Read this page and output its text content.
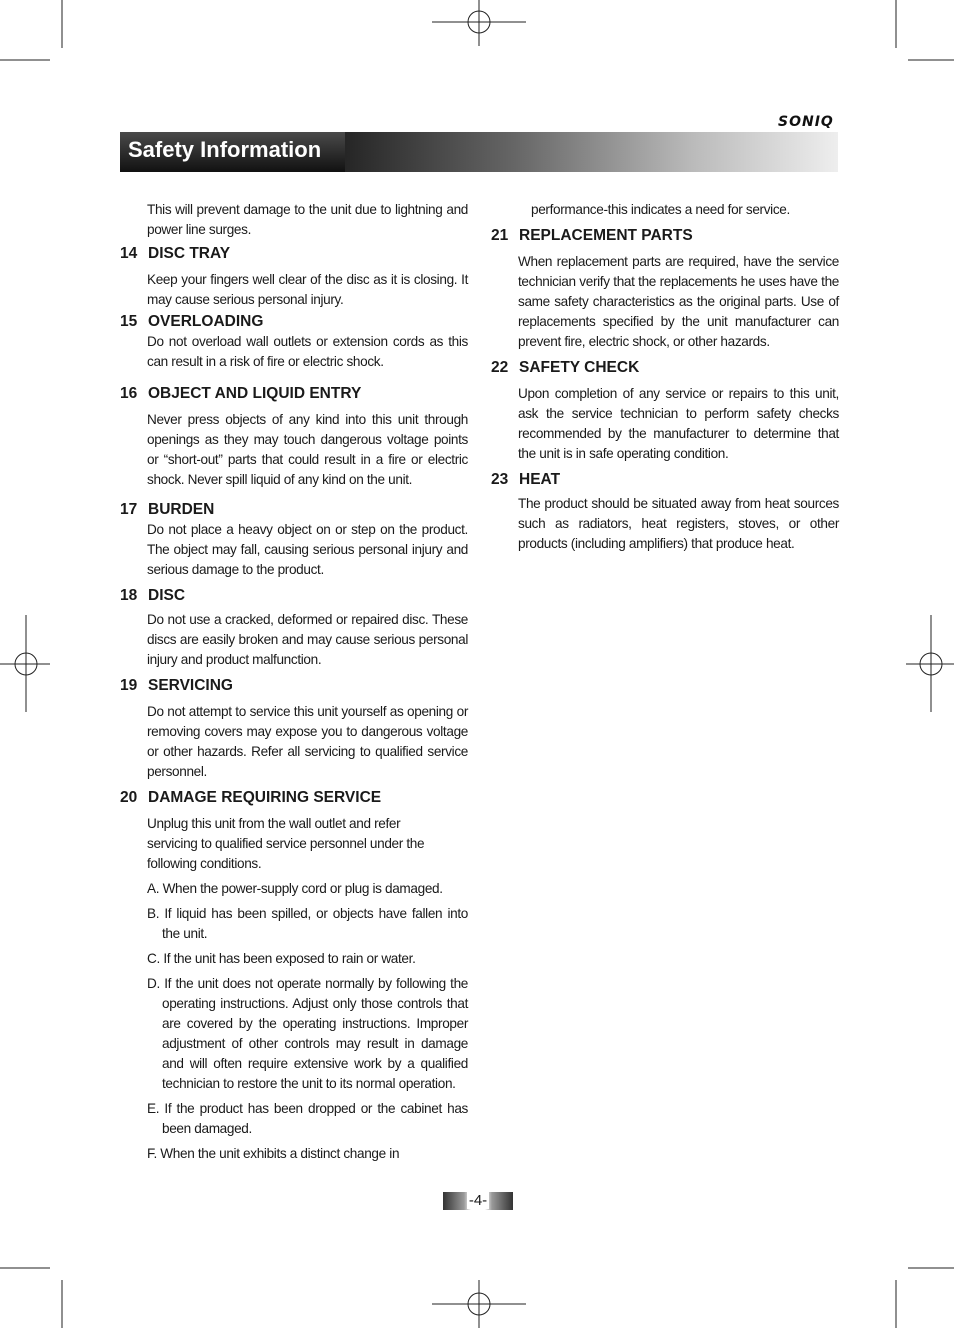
SONIQ
Safety Information

This will prevent damage to the unit due to lightning and power line surges.

14 DISC TRAY

Keep your fingers well clear of the disc as it is closing. It may cause serious personal injury.

15 OVERLOADING

Do not overload wall outlets or extension cords as this can result in a risk of fire or electric shock.

16 OBJECT AND LIQUID ENTRY

Never press objects of any kind into this unit through openings as they may touch dangerous voltage points or “short-out” parts that could result in a fire or electric shock. Never spill liquid of any kind on the unit.

17 BURDEN

Do not place a heavy object on or step on the product. The object may fall, causing serious personal injury and serious damage to the product.

18 DISC

Do not use a cracked, deformed or repaired disc. These discs are easily broken and may cause serious personal injury and product malfunction.

19 SERVICING

Do not attempt to service this unit yourself as opening or removing covers may expose you to dangerous voltage or other hazards. Refer all servicing to qualified service personnel.

20 DAMAGE REQUIRING SERVICE

Unplug this unit from the wall outlet and refer servicing to qualified service personnel under the following conditions.

A. When the power-supply cord or plug is damaged.

B. If liquid has been spilled, or objects have fallen into the unit.

C. If the unit has been exposed to rain or water.

D. If the unit does not operate normally by following the operating instructions. Adjust only those controls that are covered by the operating instructions. Improper adjustment of other controls may result in damage and will often require extensive work by a qualified technician to restore the unit to its normal operation.

E. If the product has been dropped or the cabinet has been damaged.

F. When the unit exhibits a distinct change in

performance-this indicates a need for service.

21 REPLACEMENT PARTS

When replacement parts are required, have the service technician verify that the replacements he uses have the same safety characteristics as the original parts. Use of replacements specified by the unit manufacturer can prevent fire, electric shock, or other hazards.

22 SAFETY CHECK

Upon completion of any service or repairs to this unit, ask the service technician to perform safety checks recommended by the manufacturer to determine that the unit is in safe operating condition.

23 HEAT

The product should be situated away from heat sources such as radiators, heat registers, stoves, or other products (including amplifiers) that produce heat.

-4-
